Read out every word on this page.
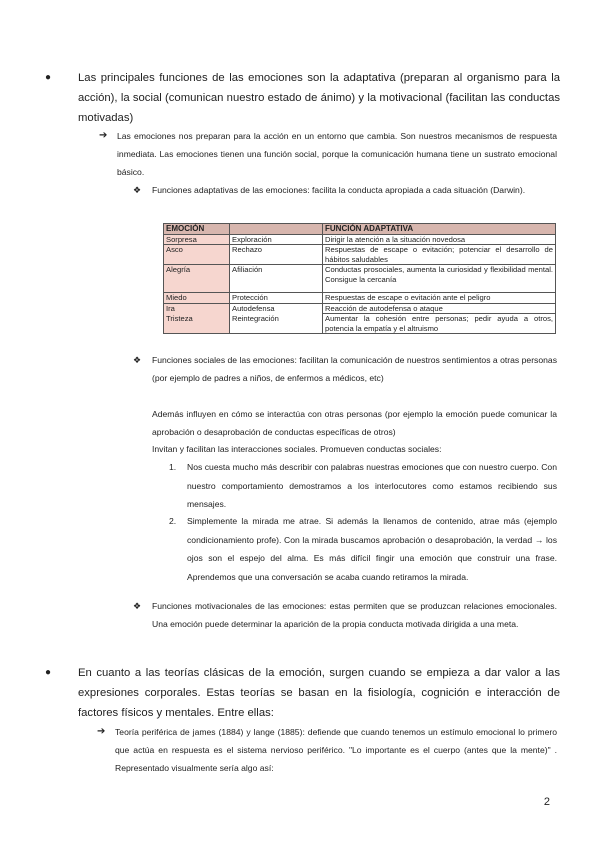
●	Las principales funciones de las emociones son la adaptativa (preparan al organismo para la acción), la social (comunican nuestro estado de ánimo) y la motivacional (facilitan las conductas motivadas)

➔ Las emociones nos preparan para la acción en un entorno que cambia. Son nuestros mecanismos de respuesta inmediata. Las emociones tienen una función social, porque la comunicación humana tiene un sustrato emocional básico.
❖ Funciones adaptativas de las emociones: facilita la conducta apropiada a cada situación (Darwin).
EMOCIÓN		FUNCIÓN ADAPTATIVA
Sorpresa	Exploración	Dirigir la atención a la situación novedosa
Asco	Rechazo	Respuestas de escape o evitación; potenciar el desarrollo de hábitos saludables
Alegría	Afiliación	Conductas prosociales, aumenta la curiosidad y flexibilidad mental. Consigue la cercanía
Miedo	Protección	Respuestas de escape o evitación ante el peligro
Ira	Autodefensa	Reacción de autodefensa o ataque
Tristeza	Reintegración	Aumentar la cohesión entre personas; pedir ayuda a otros, potencia la empatía y el altruismo
❖ Funciones sociales de las emociones: facilitan la comunicación de nuestros sentimientos a otras personas (por ejemplo de padres a niños, de enfermos a médicos, etc)
Además influyen en cómo se interactúa con otras personas (por ejemplo la emoción puede comunicar la aprobación o desaprobación de conductas específicas de otros)
Invitan y facilitan las interacciones sociales. Promueven conductas sociales:
1. Nos cuesta mucho más describir con palabras nuestras emociones que con nuestro cuerpo. Con nuestro comportamiento demostramos a los interlocutores como estamos recibiendo sus mensajes.
2. Simplemente la mirada me atrae. Si además la llenamos de contenido, atrae más (ejemplo condicionamiento profe). Con la mirada buscamos aprobación o desaprobación, la verdad → los ojos son el espejo del alma. Es más difícil fingir una emoción que construir una frase. Aprendemos que una conversación se acaba cuando retiramos la mirada.
❖ Funciones motivacionales de las emociones: estas permiten que se produzcan relaciones emocionales. Una emoción puede determinar la aparición de la propia conducta motivada dirigida a una meta.
●	En cuanto a las teorías clásicas de la emoción, surgen cuando se empieza a dar valor a las expresiones corporales. Estas teorías se basan en la fisiología, cognición e interacción de factores físicos y mentales. Entre ellas:

➔ Teoría periférica de james (1884) y lange (1885): defiende que cuando tenemos un estímulo emocional lo primero que actúa en respuesta es el sistema nervioso periférico. "Lo importante es el cuerpo (antes que la mente)" . Representado visualmente sería algo así:
2
